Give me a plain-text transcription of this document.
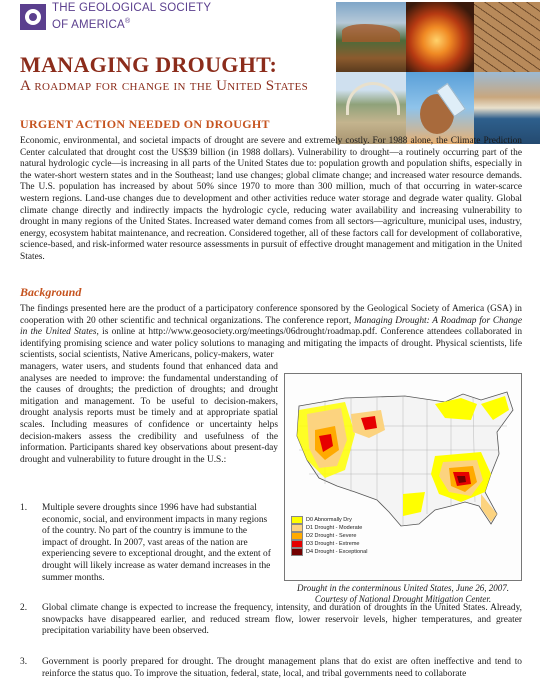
THE GEOLOGICAL SOCIETY
OF AMERICA®
MANAGING DROUGHT:
A roadmap for change in the United States
URGENT ACTION NEEDED ON DROUGHT
Economic, environmental, and societal impacts of drought are severe and extremely costly. For 1988 alone, the Climate Prediction Center calculated that drought cost the US$39 billion (in 1988 dollars). Vulnerability to drought—a routinely occurring part of the natural hydrologic cycle—is increasing in all parts of the United States due to: population growth and population shifts, especially in the water-short western states and in the Southeast; land use changes; global climate change; and increased water resource demands. The U.S. population has increased by about 50% since 1970 to more than 300 million, much of that occurring in water-scarce western regions. Land-use changes due to development and other activities reduce water storage and degrade water quality. Global climate change directly and indirectly impacts the hydrologic cycle, reducing water availability and increasing vulnerability to drought in many regions of the United States. Increased water demand comes from all sectors—agriculture, municipal uses, industry, energy, ecosystem habitat maintenance, and recreation. Considered together, all of these factors call for development of collaborative, science-based, and risk-informed water resource assessments in pursuit of effective drought management and mitigation in the United States.
Background
The findings presented here are the product of a participatory conference sponsored by the Geological Society of America (GSA) in cooperation with 20 other scientific and technical organizations. The conference report, Managing Drought: A Roadmap for Change in the United States, is online at http://www.geosociety.org/meetings/06drought/roadmap.pdf. Conference attendees collaborated in identifying promising science and water policy solutions to managing and mitigating the impacts of drought. Physical scientists, life scientists, social scientists, Native Americans, policy-makers, water
managers, water users, and students found that enhanced data and analyses are needed to improve: the fundamental understanding of the causes of droughts; the prediction of droughts; and drought mitigation and management. To be useful to decision-makers, drought analysis reports must be timely and at appropriate spatial scales. Including measures of confidence or uncertainty helps decision-makers assess the credibility and usefulness of the information. Participants shared key observations about present-day drought and vulnerability to future drought in the U.S.:
D0 Abnormally Dry
D1 Drought - Moderate
D2 Drought - Severe
D3 Drought - Extreme
D4 Drought - Exceptional
Drought in the conterminous United States, June 26, 2007.
Courtesy of National Drought Mitigation Center.
1. Multiple severe droughts since 1996 have had substantial economic, social, and environment impacts in many regions of the country. No part of the country is immune to the impact of drought. In 2007, vast areas of the nation are experiencing severe to exceptional drought, and the extent of drought will likely increase as water demand increases in the summer months.
2. Global climate change is expected to increase the frequency, intensity, and duration of droughts in the United States. Already, snowpacks have disappeared earlier, and reduced stream flow, lower reservoir levels, higher temperatures, and greater precipitation variability have been observed.
3. Government is poorly prepared for drought. The drought management plans that do exist are often ineffective and tend to reinforce the status quo. To improve the situation, federal, state, local, and tribal governments need to collaborate
